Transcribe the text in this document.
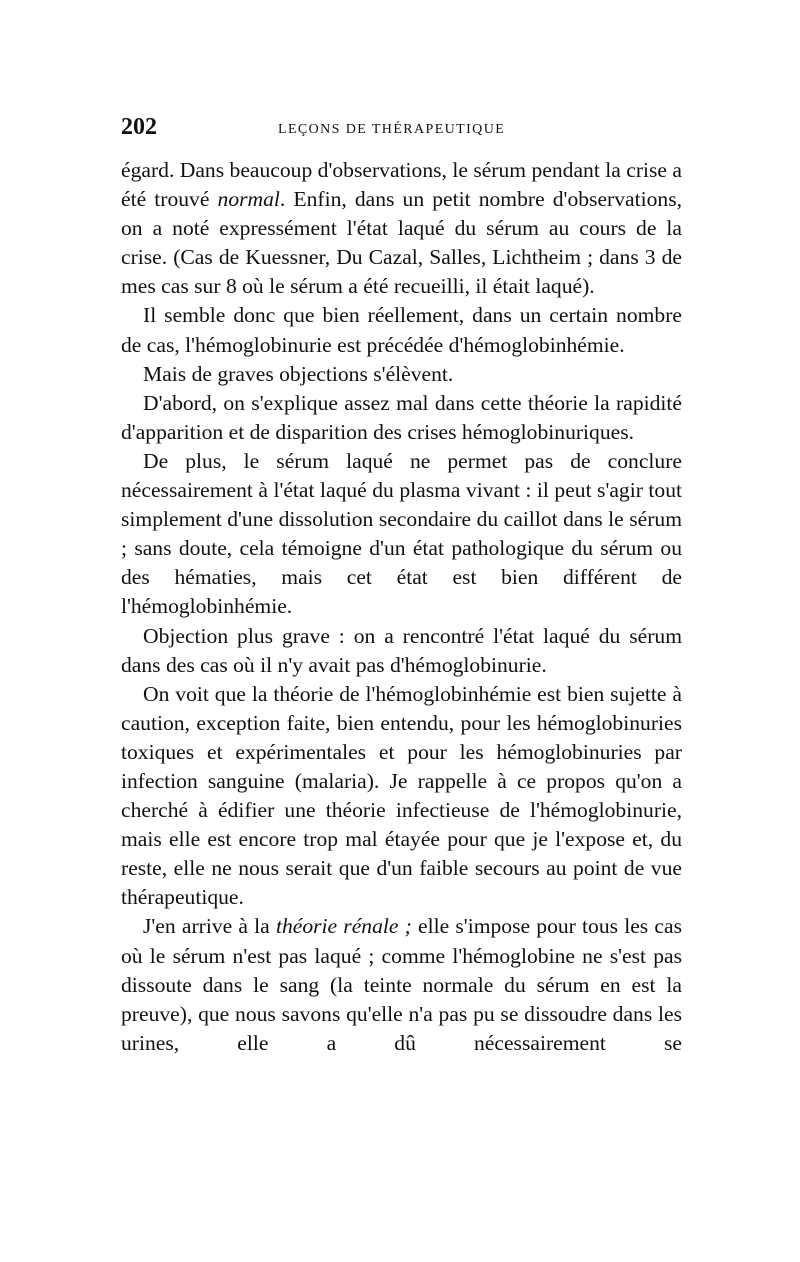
202	LEÇONS DE THÉRAPEUTIQUE

égard. Dans beaucoup d'observations, le sérum pendant la crise a été trouvé normal. Enfin, dans un petit nombre d'observations, on a noté expressément l'état laqué du sérum au cours de la crise. (Cas de Kuessner, Du Cazal, Salles, Lichtheim ; dans 3 de mes cas sur 8 où le sérum a été recueilli, il était laqué).

Il semble donc que bien réellement, dans un certain nombre de cas, l'hémoglobinurie est précédée d'hémoglobinhémie.

Mais de graves objections s'élèvent.

D'abord, on s'explique assez mal dans cette théorie la rapidité d'apparition et de disparition des crises hémoglobinuriques.

De plus, le sérum laqué ne permet pas de conclure nécessairement à l'état laqué du plasma vivant : il peut s'agir tout simplement d'une dissolution secondaire du caillot dans le sérum ; sans doute, cela témoigne d'un état pathologique du sérum ou des hématies, mais cet état est bien différent de l'hémoglobinhémie.

Objection plus grave : on a rencontré l'état laqué du sérum dans des cas où il n'y avait pas d'hémoglobinurie.

On voit que la théorie de l'hémoglobinhémie est bien sujette à caution, exception faite, bien entendu, pour les hémoglobinuries toxiques et expérimentales et pour les hémoglobinuries par infection sanguine (malaria). Je rappelle à ce propos qu'on a cherché à édifier une théorie infectieuse de l'hémoglobinurie, mais elle est encore trop mal étayée pour que je l'expose et, du reste, elle ne nous serait que d'un faible secours au point de vue thérapeutique.

J'en arrive à la théorie rénale ; elle s'impose pour tous les cas où le sérum n'est pas laqué ; comme l'hémoglobine ne s'est pas dissoute dans le sang (la teinte normale du sérum en est la preuve), que nous savons qu'elle n'a pas pu se dissoudre dans les urines, elle a dû nécessairement se
